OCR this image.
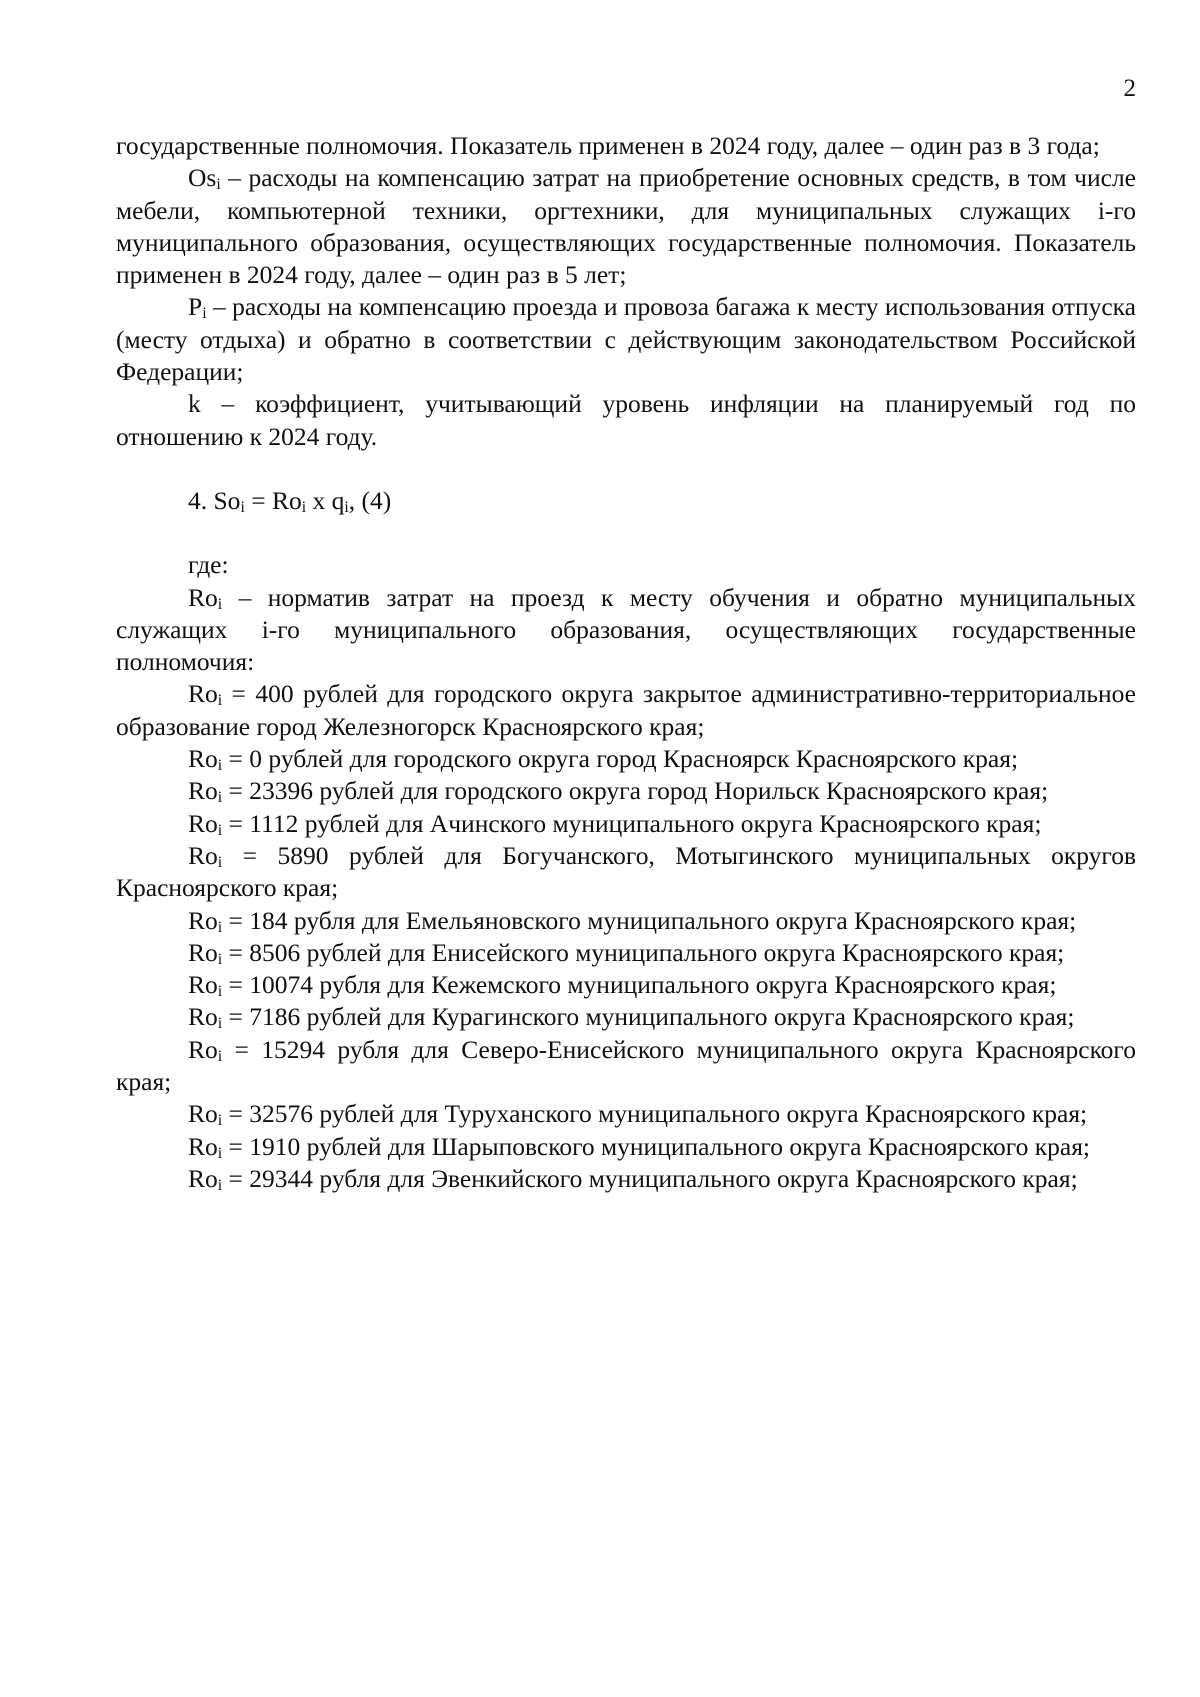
2

государственные полномочия. Показатель применен в 2024 году, далее – один раз в 3 года;

Osi – расходы на компенсацию затрат на приобретение основных средств, в том числе мебели, компьютерной техники, оргтехники, для муниципальных служащих i-го муниципального образования, осуществляющих государственные полномочия. Показатель применен в 2024 году, далее – один раз в 5 лет;

Pi – расходы на компенсацию проезда и провоза багажа к месту использования отпуска (месту отдыха) и обратно в соответствии с действующим законодательством Российской Федерации;

k – коэффициент, учитывающий уровень инфляции на планируемый год по отношению к 2024 году.

4. Soi = Roi x qi, (4)

где:

Roi – норматив затрат на проезд к месту обучения и обратно муниципальных служащих i-го муниципального образования, осуществляющих государственные полномочия:

Roi = 400 рублей для городского округа закрытое административно-территориальное образование город Железногорск Красноярского края;

Roi = 0 рублей для городского округа город Красноярск Красноярского края;

Roi = 23396 рублей для городского округа город Норильск Красноярского края;

Roi = 1112 рублей для Ачинского муниципального округа Красноярского края;

Roi = 5890 рублей для Богучанского, Мотыгинского муниципальных округов Красноярского края;

Roi = 184 рубля для Емельяновского муниципального округа Красноярского края;

Roi = 8506 рублей для Енисейского муниципального округа Красноярского края;

Roi = 10074 рубля для Кежемского муниципального округа Красноярского края;

Roi = 7186 рублей для Курагинского муниципального округа Красноярского края;

Roi = 15294 рубля для Северо-Енисейского муниципального округа Красноярского края;

Roi = 32576 рублей для Туруханского муниципального округа Красноярского края;

Roi = 1910 рублей для Шарыповского муниципального округа Красноярского края;

Roi = 29344 рубля для Эвенкийского муниципального округа Красноярского края;
